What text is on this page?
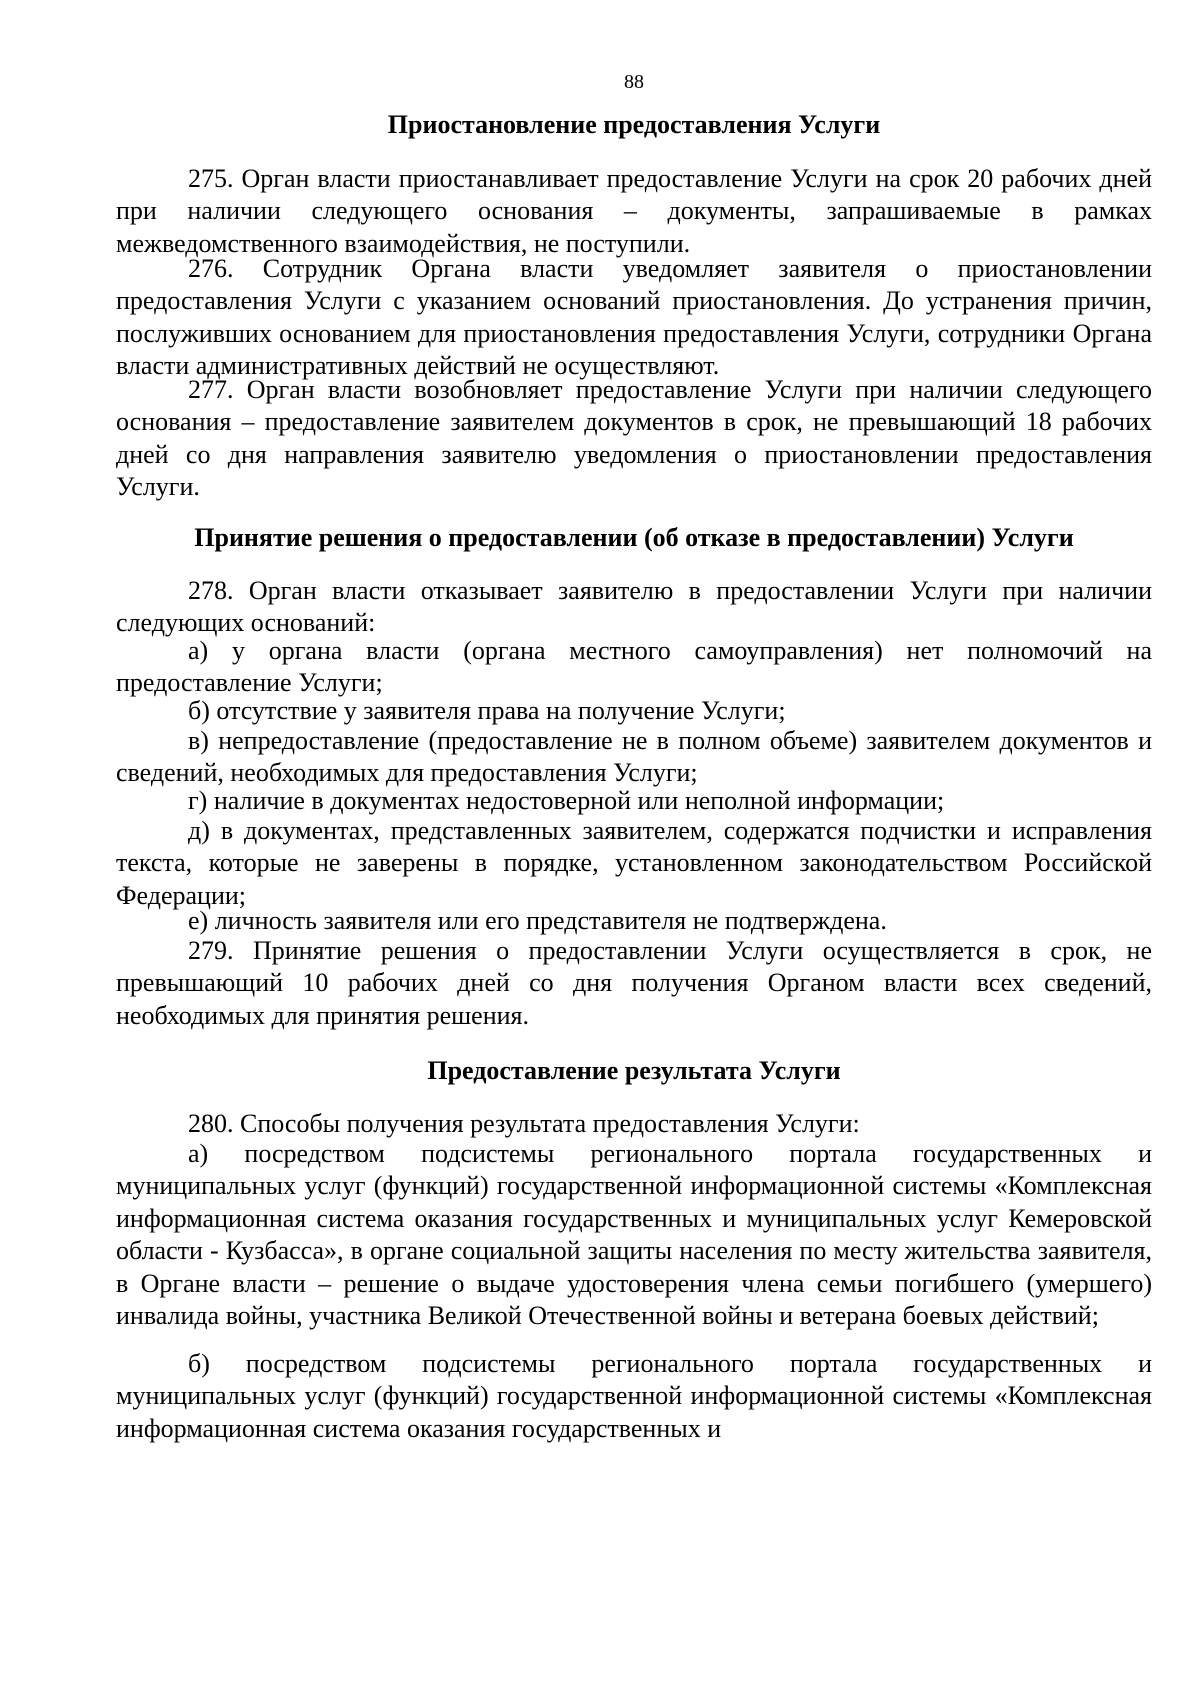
88
Приостановление предоставления Услуги

275. Орган власти приостанавливает предоставление Услуги на срок 20 рабочих дней при наличии следующего основания – документы, запрашиваемые в рамках межведомственного взаимодействия, не поступили.

276. Сотрудник Органа власти уведомляет заявителя о приостановлении предоставления Услуги с указанием оснований приостановления. До устранения причин, послуживших основанием для приостановления предоставления Услуги, сотрудники Органа власти административных действий не осуществляют.

277. Орган власти возобновляет предоставление Услуги при наличии следующего основания – предоставление заявителем документов в срок, не превышающий 18 рабочих дней со дня направления заявителю уведомления о приостановлении предоставления Услуги.

Принятие решения о предоставлении (об отказе в предоставлении) Услуги

278. Орган власти отказывает заявителю в предоставлении Услуги при наличии следующих оснований:

а) у органа власти (органа местного самоуправления) нет полномочий на предоставление Услуги;

б) отсутствие у заявителя права на получение Услуги;

в) непредоставление (предоставление не в полном объеме) заявителем документов и сведений, необходимых для предоставления Услуги;

г) наличие в документах недостоверной или неполной информации;

д) в документах, представленных заявителем, содержатся подчистки и исправления текста, которые не заверены в порядке, установленном законодательством Российской Федерации;

е) личность заявителя или его представителя не подтверждена.

279. Принятие решения о предоставлении Услуги осуществляется в срок, не превышающий 10 рабочих дней со дня получения Органом власти всех сведений, необходимых для принятия решения.

Предоставление результата Услуги

280. Способы получения результата предоставления Услуги:

а) посредством подсистемы регионального портала государственных и муниципальных услуг (функций) государственной информационной системы «Комплексная информационная система оказания государственных и муниципальных услуг Кемеровской области - Кузбасса», в органе социальной защиты населения по месту жительства заявителя, в Органе власти – решение о выдаче удостоверения члена семьи погибшего (умершего) инвалида войны, участника Великой Отечественной войны и ветерана боевых действий;

б) посредством подсистемы регионального портала государственных и муниципальных услуг (функций) государственной информационной системы «Комплексная информационная система оказания государственных и
